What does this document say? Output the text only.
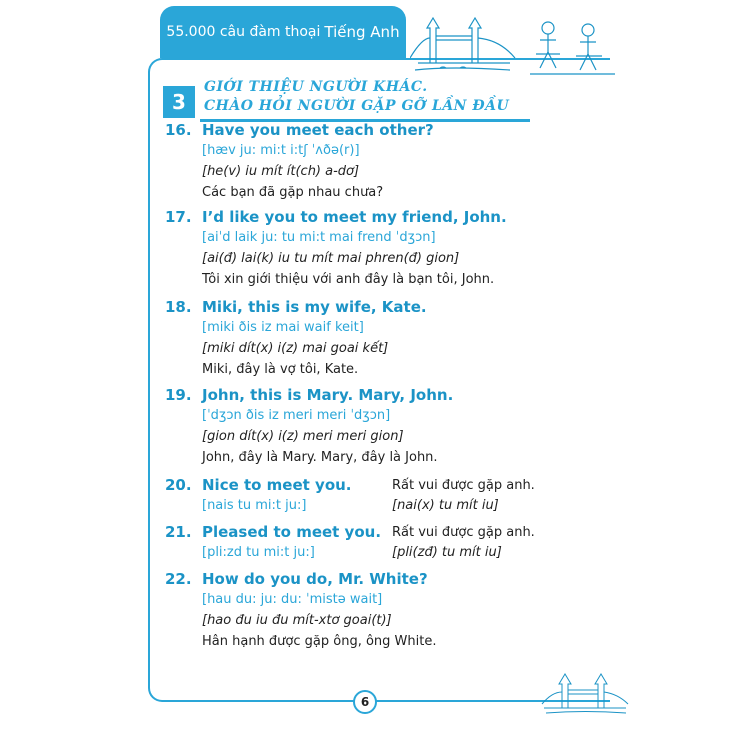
55.000 câu đàm thoại Tiếng Anh
3
GIỚI THIỆU NGƯỜI KHÁC.
CHÀO HỎI NGƯỜI GẶP GỠ LẦN ĐẦU
16. Have you meet each other?
[hæv ju: mi:t i:tʃ ˈʌðə(r)]
[he(v) iu mít ít(ch) a-dơ]
Các bạn đã gặp nhau chưa?
17. I’d like you to meet my friend, John.
[aiˈd laik ju: tu mi:t mai frend ˈdʒɔn]
[ai(đ) lai(k) iu tu mít mai phren(đ) gion]
Tôi xin giới thiệu với anh đây là bạn tôi, John.
18. Miki, this is my wife, Kate.
[miki ðis iz mai waif keit]
[miki dít(x) i(z) mai goai kết]
Miki, đây là vợ tôi, Kate.
19. John, this is Mary. Mary, John.
[ˈdʒɔn ðis iz meri meri ˈdʒɔn]
[gion dít(x) i(z) meri meri gion]
John, đây là Mary. Mary, đây là John.
20. Nice to meet you.
[nais tu mi:t ju:]
Rất vui được gặp anh.
[nai(x) tu mít iu]
21. Pleased to meet you.
[pli:zd tu mi:t ju:]
Rất vui được gặp anh.
[pli(zđ) tu mít iu]
22. How do you do, Mr. White?
[hau du: ju: du: ˈmistə wait]
[hao đu iu đu mít-xtơ goai(t)]
Hân hạnh được gặp ông, ông White.
6
